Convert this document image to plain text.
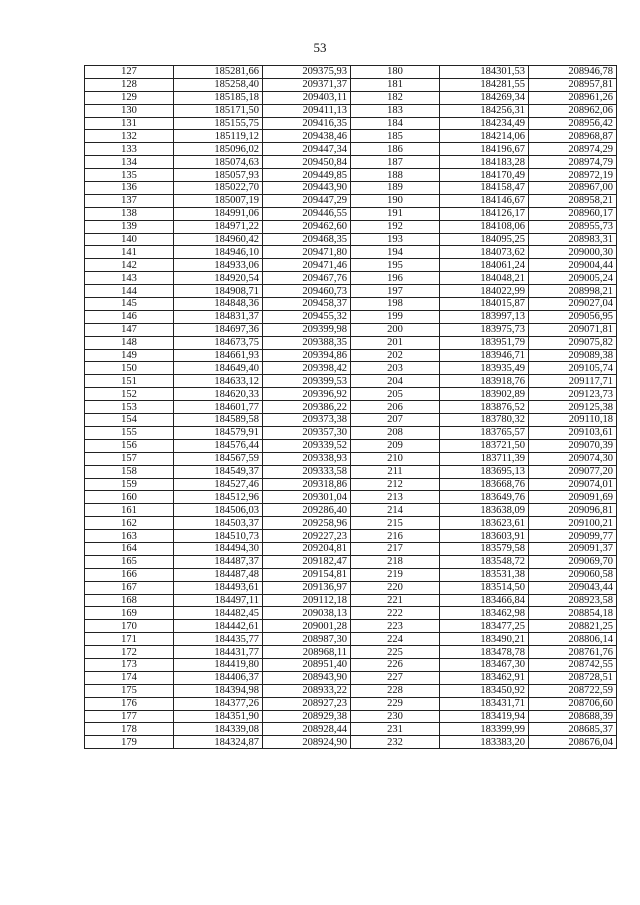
53
127	185281,66	209375,93	180	184301,53	208946,78
128	185258,40	209371,37	181	184281,55	208957,81
129	185185,18	209403,11	182	184269,34	208961,26
130	185171,50	209411,13	183	184256,31	208962,06
131	185155,75	209416,35	184	184234,49	208956,42
132	185119,12	209438,46	185	184214,06	208968,87
133	185096,02	209447,34	186	184196,67	208974,29
134	185074,63	209450,84	187	184183,28	208974,79
135	185057,93	209449,85	188	184170,49	208972,19
136	185022,70	209443,90	189	184158,47	208967,00
137	185007,19	209447,29	190	184146,67	208958,21
138	184991,06	209446,55	191	184126,17	208960,17
139	184971,22	209462,60	192	184108,06	208955,73
140	184960,42	209468,35	193	184095,25	208983,31
141	184946,10	209471,80	194	184073,62	209000,30
142	184933,06	209471,46	195	184061,24	209004,44
143	184920,54	209467,76	196	184048,21	209005,24
144	184908,71	209460,73	197	184022,99	208998,21
145	184848,36	209458,37	198	184015,87	209027,04
146	184831,37	209455,32	199	183997,13	209056,95
147	184697,36	209399,98	200	183975,73	209071,81
148	184673,75	209388,35	201	183951,79	209075,82
149	184661,93	209394,86	202	183946,71	209089,38
150	184649,40	209398,42	203	183935,49	209105,74
151	184633,12	209399,53	204	183918,76	209117,71
152	184620,33	209396,92	205	183902,89	209123,73
153	184601,77	209386,22	206	183876,52	209125,38
154	184589,58	209373,38	207	183780,32	209110,18
155	184579,91	209357,30	208	183765,57	209103,61
156	184576,44	209339,52	209	183721,50	209070,39
157	184567,59	209338,93	210	183711,39	209074,30
158	184549,37	209333,58	211	183695,13	209077,20
159	184527,46	209318,86	212	183668,76	209074,01
160	184512,96	209301,04	213	183649,76	209091,69
161	184506,03	209286,40	214	183638,09	209096,81
162	184503,37	209258,96	215	183623,61	209100,21
163	184510,73	209227,23	216	183603,91	209099,77
164	184494,30	209204,81	217	183579,58	209091,37
165	184487,37	209182,47	218	183548,72	209069,70
166	184487,48	209154,81	219	183531,38	209060,58
167	184493,61	209136,97	220	183514,50	209043,44
168	184497,11	209112,18	221	183466,84	208923,58
169	184482,45	209038,13	222	183462,98	208854,18
170	184442,61	209001,28	223	183477,25	208821,25
171	184435,77	208987,30	224	183490,21	208806,14
172	184431,77	208968,11	225	183478,78	208761,76
173	184419,80	208951,40	226	183467,30	208742,55
174	184406,37	208943,90	227	183462,91	208728,51
175	184394,98	208933,22	228	183450,92	208722,59
176	184377,26	208927,23	229	183431,71	208706,60
177	184351,90	208929,38	230	183419,94	208688,39
178	184339,08	208928,44	231	183399,99	208685,37
179	184324,87	208924,90	232	183383,20	208676,04
